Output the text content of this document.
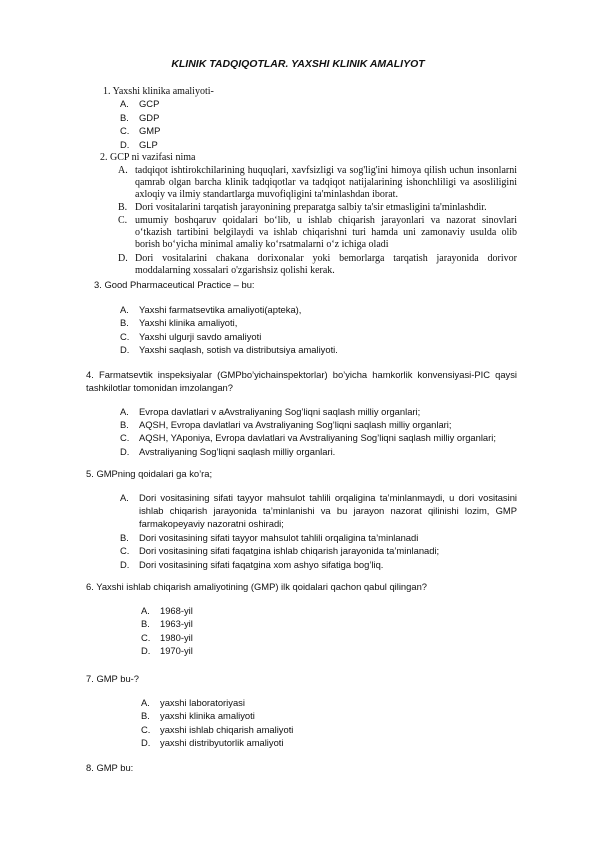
KLINIK TADQIQOTLAR. YAXSHI KLINIK AMALIYOT
1. Yaxshi klinika amaliyoti-
A. GCP
B. GDP
C. GMP
D. GLP
2. GCP ni vazifasi nima
A. tadqiqot ishtirokchilarining huquqlari, xavfsizligi va sog'lig'ini himoya qilish uchun insonlarni
qamrab olgan barcha klinik tadqiqotlar va tadqiqot natijalarining ishonchliligi va asosliligini
axloqiy va ilmiy standartlarga muvofiqligini ta'minlashdan iborat.
B. Dori vositalarini tarqatish jarayonining preparatga salbiy ta'sir etmasligini ta'minlashdir.
C. umumiy boshqaruv qoidalari bo‘lib, u ishlab chiqarish jarayonlari va nazorat sinovlari
o‘tkazish tartibini belgilaydi va ishlab chiqarishni turi hamda uni zamonaviy usulda olib
borish bo‘yicha minimal amaliy ko‘rsatmalarni o‘z ichiga oladi
D. Dori vositalarini chakana dorixonalar yoki bemorlarga tarqatish jarayonida dorivor
moddalarning xossalari o'zgarishsiz qolishi kerak.
3. Good Pharmaceutical Practice – bu:
A. Yaxshi farmatsevtika amaliyoti(apteka),
B. Yaxshi klinika amaliyoti,
C. Yaxshi ulgurji savdo amaliyoti
D. Yaxshi saqlash, sotish va distributsiya amaliyoti.
4. Farmatsevtik inspeksiyalar (GMPbo’yichainspektorlar) bo’yicha hamkorlik konvensiyasi-PIC qaysi
tashkilotlar tomonidan imzolangan?
A. Evropa davlatlari v aAvstraliyaning Sog’liqni saqlash milliy organlari;
B. AQSH, Evropa davlatlari va Avstraliyaning Sog’liqni saqlash milliy organlari;
C. AQSH, YAponiya, Evropa davlatlari va Avstraliyaning Sog’liqni saqlash milliy organlari;
D. Avstraliyaning Sog’liqni saqlash milliy organlari.
5. GMPning qoidalari ga ko’ra;
A. Dori vositasining sifati tayyor mahsulot tahlili orqaligina ta’minlanmaydi, u dori vositasini
ishlab chiqarish jarayonida ta’minlanishi va bu jarayon nazorat qilinishi lozim, GMP
farmakopeyaviy nazoratni oshiradi;
B. Dori vositasining sifati tayyor mahsulot tahlili orqaligina ta’minlanadi
C. Dori vositasining sifati faqatgina ishlab chiqarish jarayonida ta’minlanadi;
D. Dori vositasining sifati faqatgina xom ashyo sifatiga bog’liq.
6. Yaxshi ishlab chiqarish amaliyotining (GMP) ilk qoidalari qachon qabul qilingan?
A. 1968-yil
B. 1963-yil
C. 1980-yil
D. 1970-yil
7. GMP bu-?
A. yaxshi laboratoriyasi
B. yaxshi klinika amaliyoti
C. yaxshi ishlab chiqarish amaliyoti
D. yaxshi distribyutorlik amaliyoti
8. GMP bu:
